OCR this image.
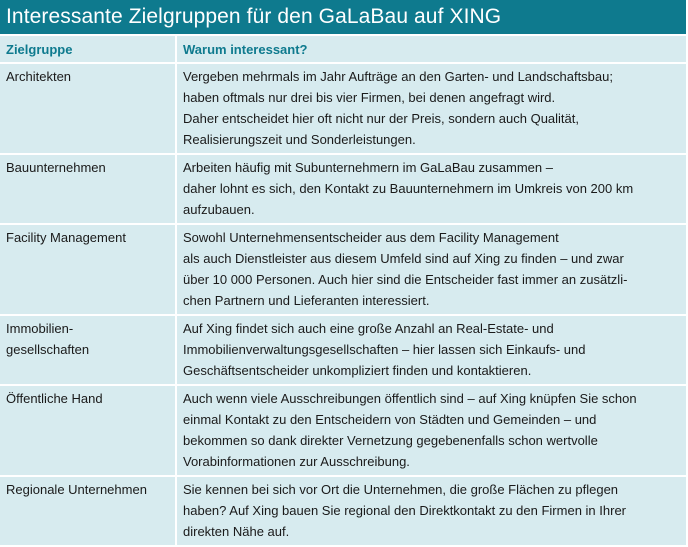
Interessante Zielgruppen für den GaLaBau auf XING
Zielgruppe	Warum interessant?

Architekten	Vergeben mehrmals im Jahr Aufträge an den Garten- und Landschaftsbau;
haben oftmals nur drei bis vier Firmen, bei denen angefragt wird.
Daher entscheidet hier oft nicht nur der Preis, sondern auch Qualität,
Realisierungszeit und Sonderleistungen.

Bauunternehmen	Arbeiten häufig mit Subunternehmern im GaLaBau zusammen –
daher lohnt es sich, den Kontakt zu Bauunternehmern im Umkreis von 200 km
aufzubauen.

Facility Management	Sowohl Unternehmensentscheider aus dem Facility Management
als auch Dienstleister aus diesem Umfeld sind auf Xing zu finden – und zwar
über 10 000 Personen. Auch hier sind die Entscheider fast immer an zusätzli-
chen Partnern und Lieferanten interessiert.

Immobilien-
gesellschaften	Auf Xing findet sich auch eine große Anzahl an Real-Estate- und
Immobilienverwaltungsgesellschaften – hier lassen sich Einkaufs- und
Geschäftsentscheider unkompliziert finden und kontaktieren.

Öffentliche Hand	Auch wenn viele Ausschreibungen öffentlich sind – auf Xing knüpfen Sie schon
einmal Kontakt zu den Entscheidern von Städten und Gemeinden – und
bekommen so dank direkter Vernetzung gegebenenfalls schon wertvolle
Vorabinformationen zur Ausschreibung.

Regionale Unternehmen	Sie kennen bei sich vor Ort die Unternehmen, die große Flächen zu pflegen
haben? Auf Xing bauen Sie regional den Direktkontakt zu den Firmen in Ihrer
direkten Nähe auf.
